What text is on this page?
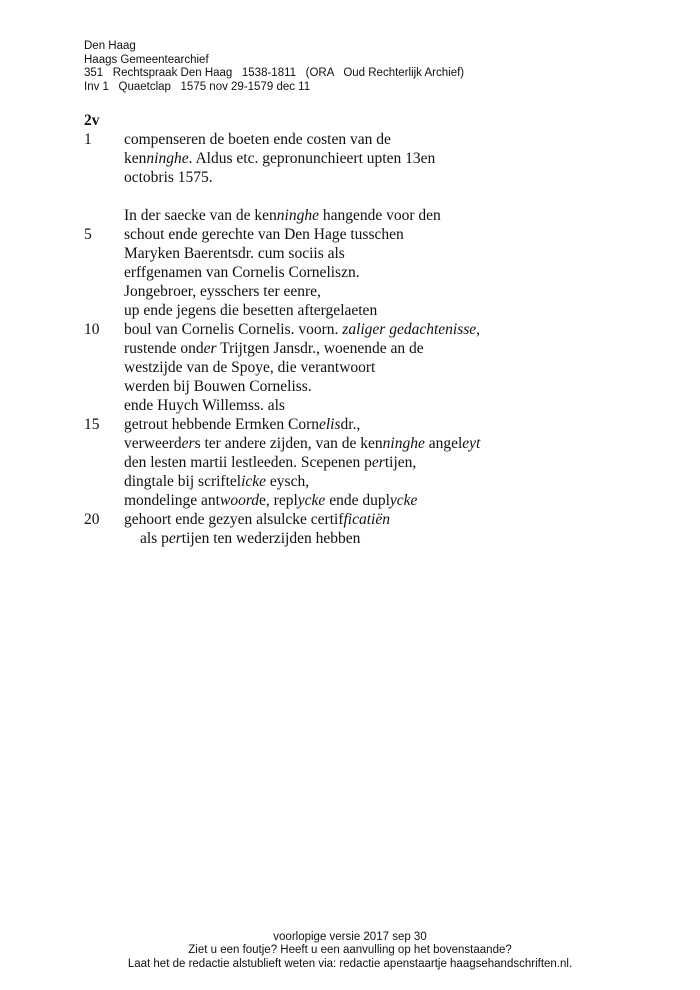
Den Haag
Haags Gemeentearchief
351   Rechtspraak Den Haag   1538-1811   (ORA   Oud Rechterlijk Archief)
Inv 1   Quaetclap   1575 nov 29-1579 dec 11
2v
1 compenseren de boeten ende costen van de
kenninghe. Aldus etc. gepronunchieert upten 13en
octobris 1575.
In der saecke van de kenninghe hangende voor den
5 schout ende gerechte van Den Hage tusschen
Maryken Baerentsdr. cum sociis als
erffgenamen van Cornelis Corneliszn.
Jongebroer, eysschers ter eenre,
up ende jegens die besetten aftergelaeten
10 boul van Cornelis Cornelis. voorn. zaliger gedachtenisse,
rustende onder Trijtgen Jansdr., woenende an de
westzijde van de Spoye, die verantwoort
werden bij Bouwen Corneliss.
ende Huych Willemss. als
15 getrout hebbende Ermken Cornelisdr.,
verweerders ter andere zijden, van de kenninghe angeleyt
den lesten martii lestleeden. Scepenen pertijen,
dingtale bij scriftelicke eysch,
mondelinge antwoorde, replycke ende duplycke
20 gehoort ende gezyen alsulcke certifficatiën
als pertijen ten wederzijden hebben
voorlopige versie 2017 sep 30
Ziet u een foutje? Heeft u een aanvulling op het bovenstaande?
Laat het de redactie alstublieft weten via: redactie apenstaartje haagsehandschriften.nl.
